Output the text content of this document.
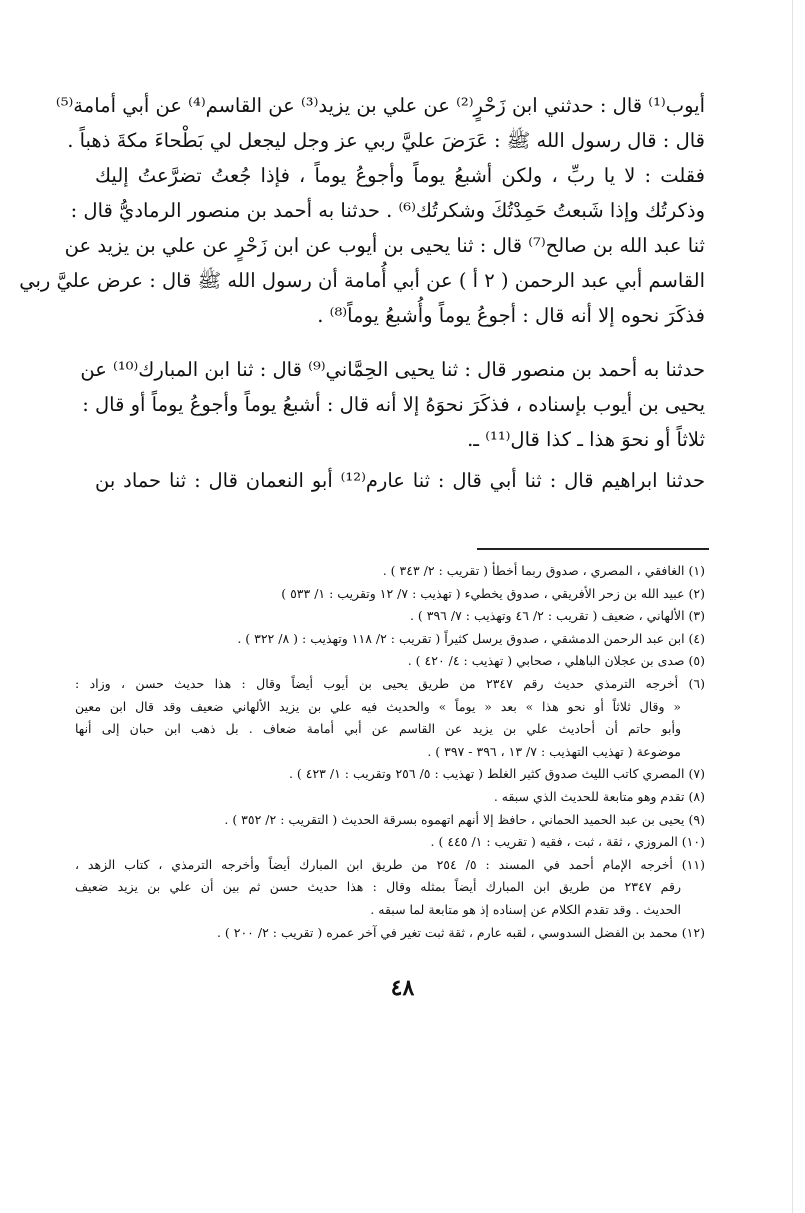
أيوب⁽¹⁾ قال : حدثني ابن زَحْرٍ⁽²⁾ عن علي بن يزيد⁽³⁾ عن القاسم⁽⁴⁾ عن أبي أمامة⁽⁵⁾
قال : قال رسول الله ﷺ : عَرَضَ عليَّ ربي عز وجل ليجعل لي بَطْحاءَ مكةَ ذهباً .
فقلت : لا يا ربِّ ، ولكن أشبعُ يوماً وأجوعُ يوماً ، فإذا جُعتُ تضرَّعتُ إليك
وذكرتُك وإذا شَبعتُ حَمِدْتُكَ وشكرتُك⁽⁶⁾ . حدثنا به أحمد بن منصور الرماديُّ قال :
ثنا عبد الله بن صالح⁽⁷⁾ قال : ثنا يحيى بن أيوب عن ابن زَحْرٍ عن علي بن يزيد عن
القاسم أبي عبد الرحمن ( ٢ أ ) عن أبي أُمامة أن رسول الله ﷺ قال : عرض عليَّ ربي
فذكَرَ نحوه إلا أنه قال : أجوعُ يوماً وأُشبعُ يوماً⁽⁸⁾ .
حدثنا به أحمد بن منصور قال : ثنا يحيى الحِمَّاني⁽⁹⁾ قال : ثنا ابن المبارك⁽¹⁰⁾ عن
يحيى بن أيوب بإسناده ، فذكَرَ نحوَهُ إلا أنه قال : أشبعُ يوماً وأجوعُ يوماً أو قال :
ثلاثاً أو نحوَ هذا ـ كذا قال⁽¹¹⁾ ـ.
حدثنا ابراهيم قال : ثنا أبي قال : ثنا عارم⁽¹²⁾ أبو النعمان قال : ثنا حماد بن
(١) الغافقي ، المصري ، صدوق ربما أخطأ ( تقريب : ٢/ ٣٤٣ ) .
(٢) عبيد الله بن زحر الأفريقي ، صدوق يخطيء ( تهذيب : ٧/ ١٢ وتقريب : ١/ ٥٣٣ )
(٣) الألهاني ، ضعيف ( تقريب : ٢/ ٤٦ وتهذيب : ٧/ ٣٩٦ ) .
(٤) ابن عبد الرحمن الدمشقي ، صدوق يرسل كثيراً ( تقريب : ٢/ ١١٨ وتهذيب : ( ٨/ ٣٢٢ ) .
(٥) صدى بن عجلان الباهلي ، صحابي ( تهذيب : ٤/ ٤٢٠ ) .
(٦) أخرجه الترمذي حديث رقم ٢٣٤٧ من طريق يحيى بن أيوب أيضاً وقال : هذا حديث حسن ، وزاد :
« وقال ثلاثاً أو نحو هذا » بعد « يوماً » والحديث فيه علي بن يزيد الألهاني ضعيف وقد قال ابن معين
وأبو حاتم أن أحاديث علي بن يزيد عن القاسم عن أبي أمامة ضعاف . بل ذهب ابن حبان إلى أنها
موضوعة ( تهذيب التهذيب : ٧/ ١٣ ، ٣٩٦ - ٣٩٧ ) .
(٧) المصري كاتب الليث صدوق كثير الغلط ( تهذيب : ٥/ ٢٥٦ وتقريب : ١/ ٤٢٣ ) .
(٨) تقدم وهو متابعة للحديث الذي سبقه .
(٩) يحيى بن عبد الحميد الحماني ، حافظ إلا أنهم اتهموه بسرقة الحديث ( التقريب : ٢/ ٣٥٢ ) .
(١٠) المروزي ، ثقة ، ثبت ، فقيه ( تقريب : ١/ ٤٤٥ ) .
(١١) أخرجه الإمام أحمد في المسند : ٥/ ٢٥٤ من طريق ابن المبارك أيضاً وأخرجه الترمذي ، كتاب الزهد ،
رقم ٢٣٤٧ من طريق ابن المبارك أيضاً بمثله وقال : هذا حديث حسن ثم بين أن علي بن يزيد ضعيف
الحديث . وقد تقدم الكلام عن إسناده إذ هو متابعة لما سبقه .
(١٢) محمد بن الفضل السدوسي ، لقبه عارم ، ثقة ثبت تغير في آخر عمره ( تقريب : ٢/ ٢٠٠ ) .
٤٨
